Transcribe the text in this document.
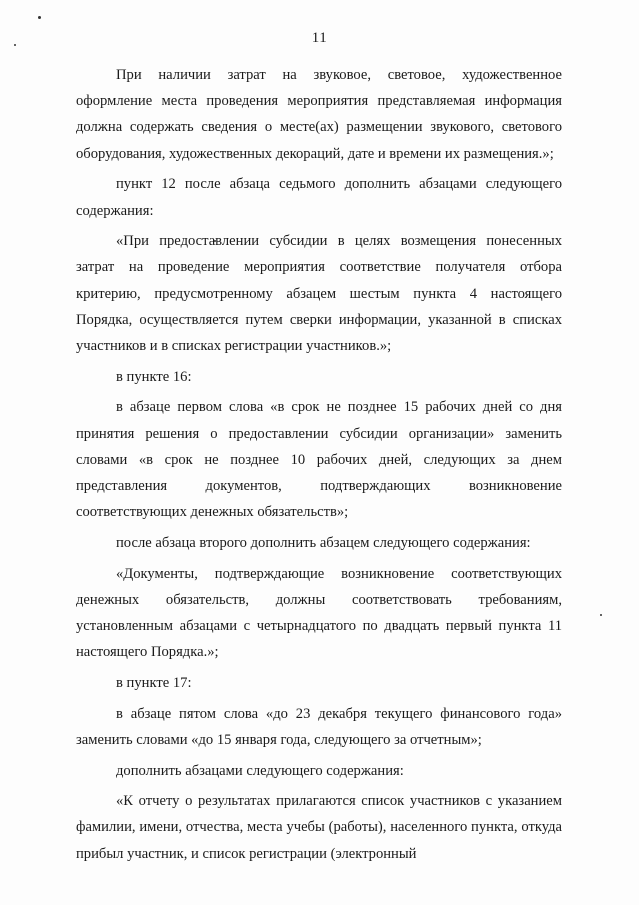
11

При наличии затрат на звуковое, световое, художественное оформление места проведения мероприятия представляемая информация должна содержать сведения о месте(ах) размещении звукового, светового оборудования, художественных декораций, дате и времени их размещения.»;

пункт 12 после абзаца седьмого дополнить абзацами следующего содержания:

«При предоставлении субсидии в целях возмещения понесенных затрат на проведение мероприятия соответствие получателя отбора критерию, предусмотренному абзацем шестым пункта 4 настоящего Порядка, осуществляется путем сверки информации, указанной в списках участников и в списках регистрации участников.»;

в пункте 16:

в абзаце первом слова «в срок не позднее 15 рабочих дней со дня принятия решения о предоставлении субсидии организации» заменить словами «в срок не позднее 10 рабочих дней, следующих за днем представления документов, подтверждающих возникновение соответствующих денежных обязательств»;

после абзаца второго дополнить абзацем следующего содержания:

«Документы, подтверждающие возникновение соответствующих денежных обязательств, должны соответствовать требованиям, установленным абзацами с четырнадцатого по двадцать первый пункта 11 настоящего Порядка.»;

в пункте 17:

в абзаце пятом слова «до 23 декабря текущего финансового года» заменить словами «до 15 января года, следующего за отчетным»;

дополнить абзацами следующего содержания:

«К отчету о результатах прилагаются список участников с указанием фамилии, имени, отчества, места учебы (работы), населенного пункта, откуда прибыл участник, и список регистрации (электронный
